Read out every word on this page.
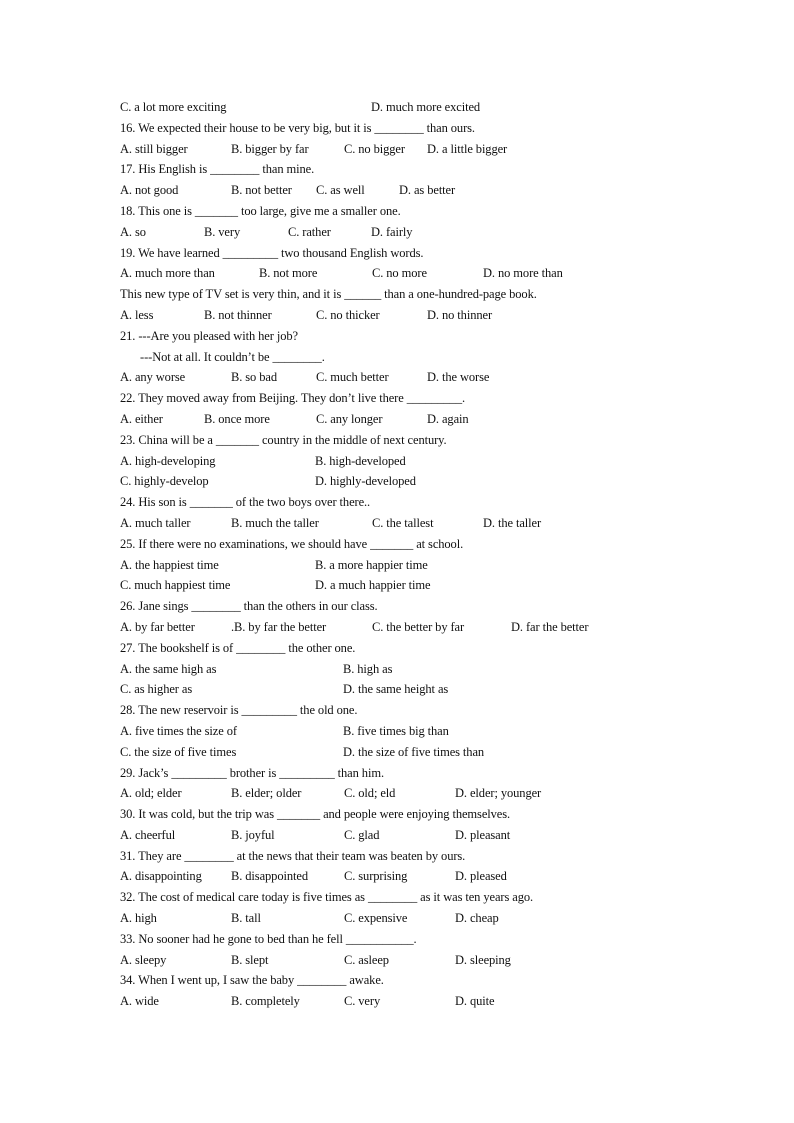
C. a lot more exciting	D. much more excited
16. We expected their house to be very big, but it is ________ than ours.
A. still bigger	B. bigger by far	C. no bigger D. a little bigger
17. His English is ________ than mine.
A. not good	B. not better C. as well	D. as better
18. This one is _______ too large, give me a smaller one.
A. so	B. very	C. rather	D. fairly
19. We have learned _________ two thousand English words.
A. much more than	B. not more	C. no more	D. no more than
This new type of TV set is very thin, and it is ______ than a one-hundred-page book.
A. less	B. not thinner	C. no thicker	D. no thinner
21. ---Are you pleased with her job?
---Not at all. It couldn’t be ________.
A. any worse	B. so bad	C. much better	D. the worse
22. They moved away from Beijing. They don’t live there _________.
A. either	B. once more	C. any longer	D. again
23. China will be a _______ country in the middle of next century.
A. high-developing	B. high-developed
C. highly-develop	D. highly-developed
24. His son is _______ of the two boys over there..
A. much taller	B. much the taller	C. the tallest	D. the taller
25. If there were no examinations, we should have _______ at school.
A. the happiest time	B. a more happier time
C. much happiest time	D. a much happier time
26. Jane sings ________ than the others in our class.
A. by far better	.B. by far the better	C. the better by far	D. far the better
27. The bookshelf is of ________ the other one.
A. the same high as	B. high as
C. as higher as	D. the same height as
28. The new reservoir is _________ the old one.
A. five times the size of	B. five times big than
C. the size of five times	D. the size of five times than
29. Jack’s _________ brother is _________ than him.
A. old; elder	B. elder; older	C. old; eld	D. elder; younger
30. It was cold, but the trip was _______ and people were enjoying themselves.
A. cheerful	B. joyful	C. glad	D. pleasant
31. They are ________ at the news that their team was beaten by ours.
A. disappointing B. disappointed	C. surprising	D. pleased
32. The cost of medical care today is five times as ________ as it was ten years ago.
A. high	B. tall	C. expensive	D. cheap
33. No sooner had he gone to bed than he fell ___________.
A. sleepy	B. slept	C. asleep	D. sleeping
34. When I went up, I saw the baby ________ awake.
A. wide	B. completely	C. very	D. quite
